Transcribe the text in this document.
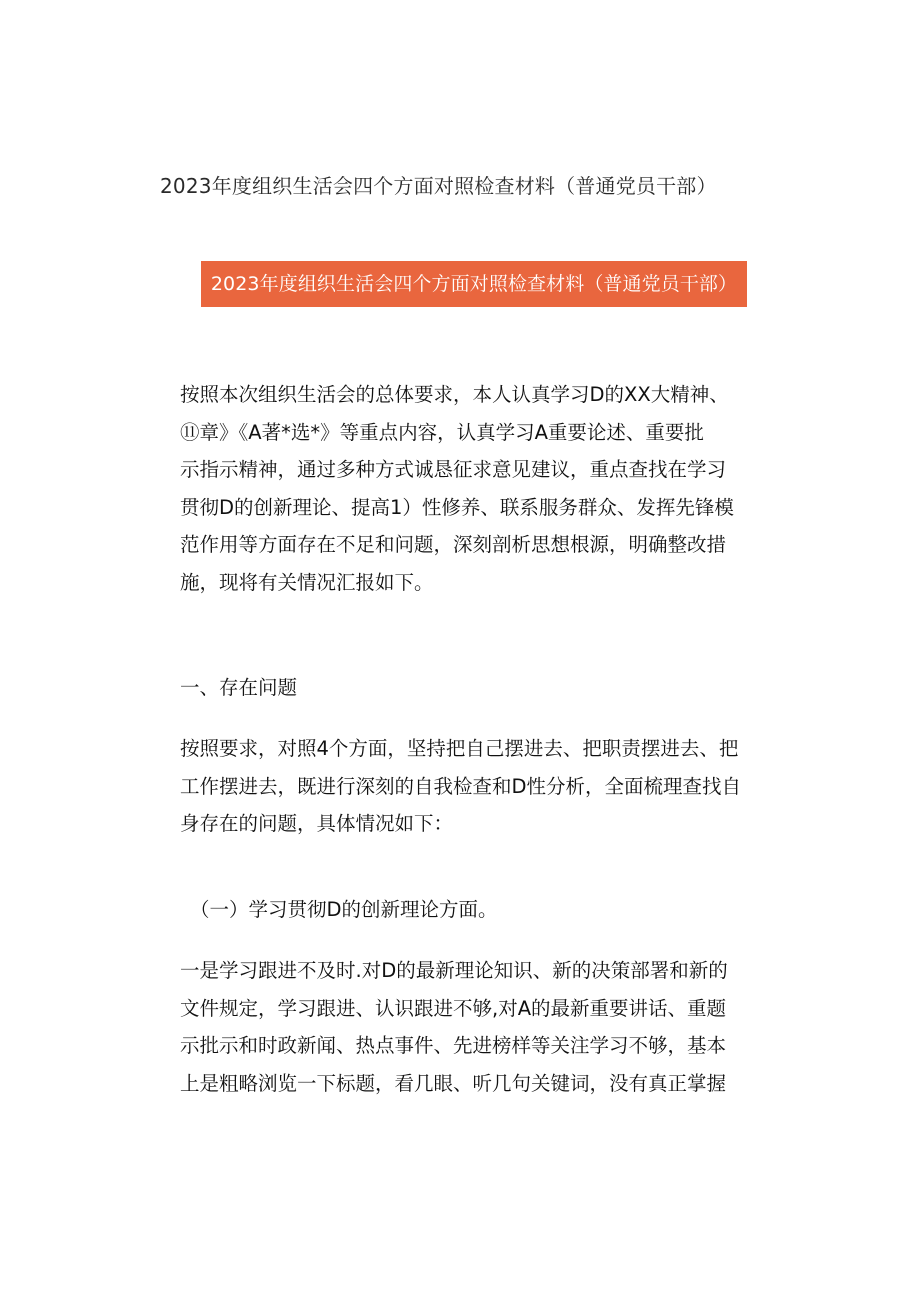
2023年度组织生活会四个方面对照检查材料（普通党员干部）
2023年度组织生活会四个方面对照检查材料（普通党员干部）

按照本次组织生活会的总体要求，本人认真学习D的XX大精神、
⑪章》《A著*选*》等重点内容，认真学习A重要论述、重要批
示指示精神，通过多种方式诚恳征求意见建议，重点查找在学习
贯彻D的创新理论、提高1）性修养、联系服务群众、发挥先锋模
范作用等方面存在不足和问题，深刻剖析思想根源，明确整改措
施，现将有关情况汇报如下。

一、存在问题

按照要求，对照4个方面，坚持把自己摆进去、把职责摆进去、把
工作摆进去，既进行深刻的自我检查和D性分析，全面梳理查找自
身存在的问题，具体情况如下：

（一）学习贯彻D的创新理论方面。

一是学习跟进不及时.对D的最新理论知识、新的决策部署和新的
文件规定，学习跟进、认识跟进不够,对A的最新重要讲话、重题
示批示和时政新闻、热点事件、先进榜样等关注学习不够，基本
上是粗略浏览一下标题，看几眼、听几句关键词，没有真正掌握
